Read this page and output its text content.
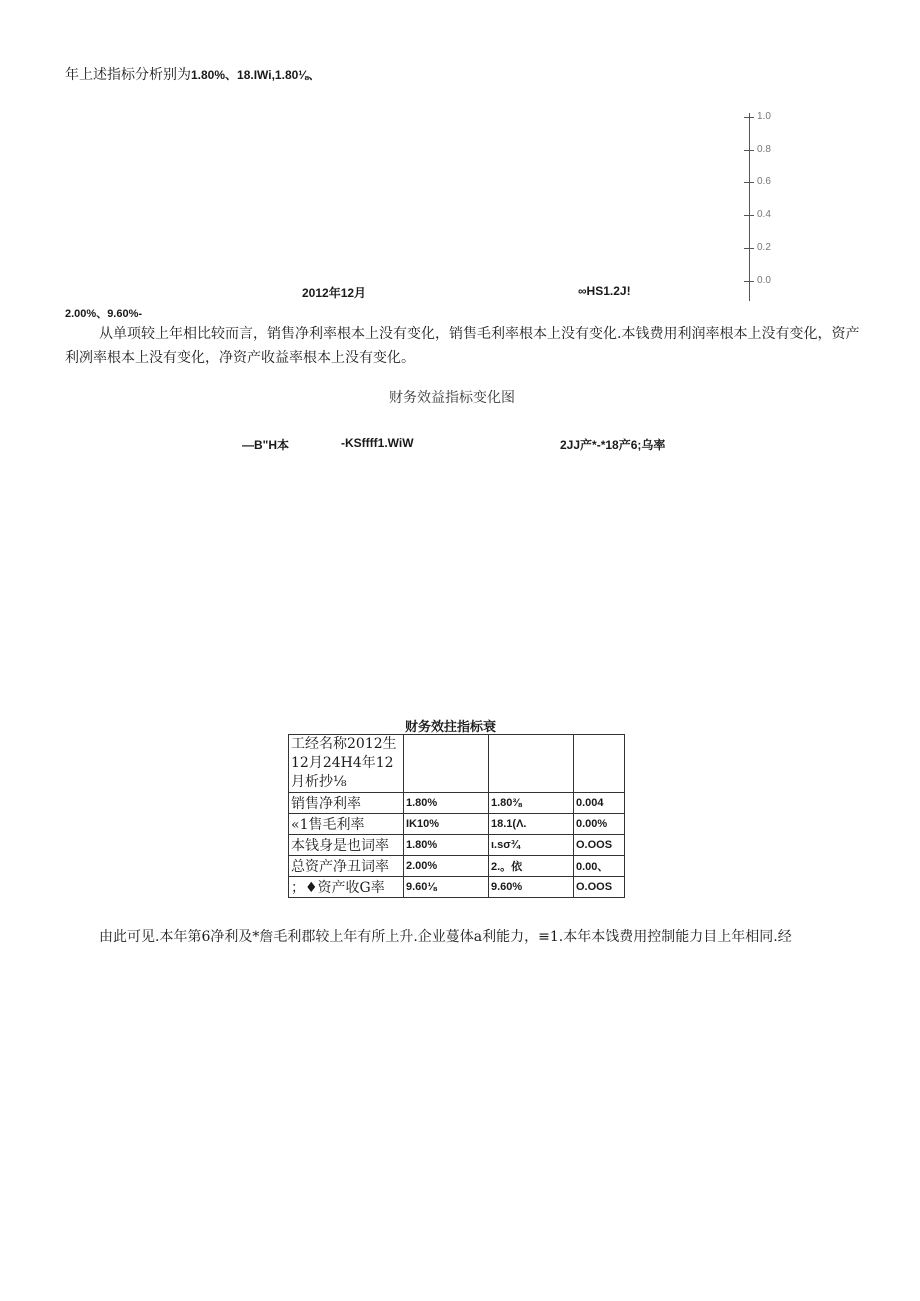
年上述指标分析别为1.80%、18.IWi,1.80⅛、
1.0
0.8
0.6
0.4
0.2
0.0
2012年12月	∞HS1.2J!
2.00%、9.60%-
从单项较上年相比较而言，销售净利率根本上没有变化，销售毛利率根本上没有变化.本钱费用利润率根本上没有变化，资产利冽率根本上没有变化，净资产收益率根本上没有变化。
财务效益指标变化图
—B"H本	-KSffff1.WiW	2JJ产*-*18产6;乌率
财务效拄指标衰
工经名称2012生12月24H4年12月析抄⅛			

销售净利率	1.80%	1.80⅜	0.004
«1售毛利率	IK10%	18.1(Λ.	0.00%
本钱身是也词率	1.80%	ι.sσ¾	O.OOS
总资产净丑词率	2.00%	2.。依	0.00、
；♦资产收G率	9.60⅛	9.60%	O.OOS
由此可见.本年第6净利及*詹毛利郡较上年有所上升.企业蔓体a利能力，≡1.本年本饯费用控制能力目上年相同.经
